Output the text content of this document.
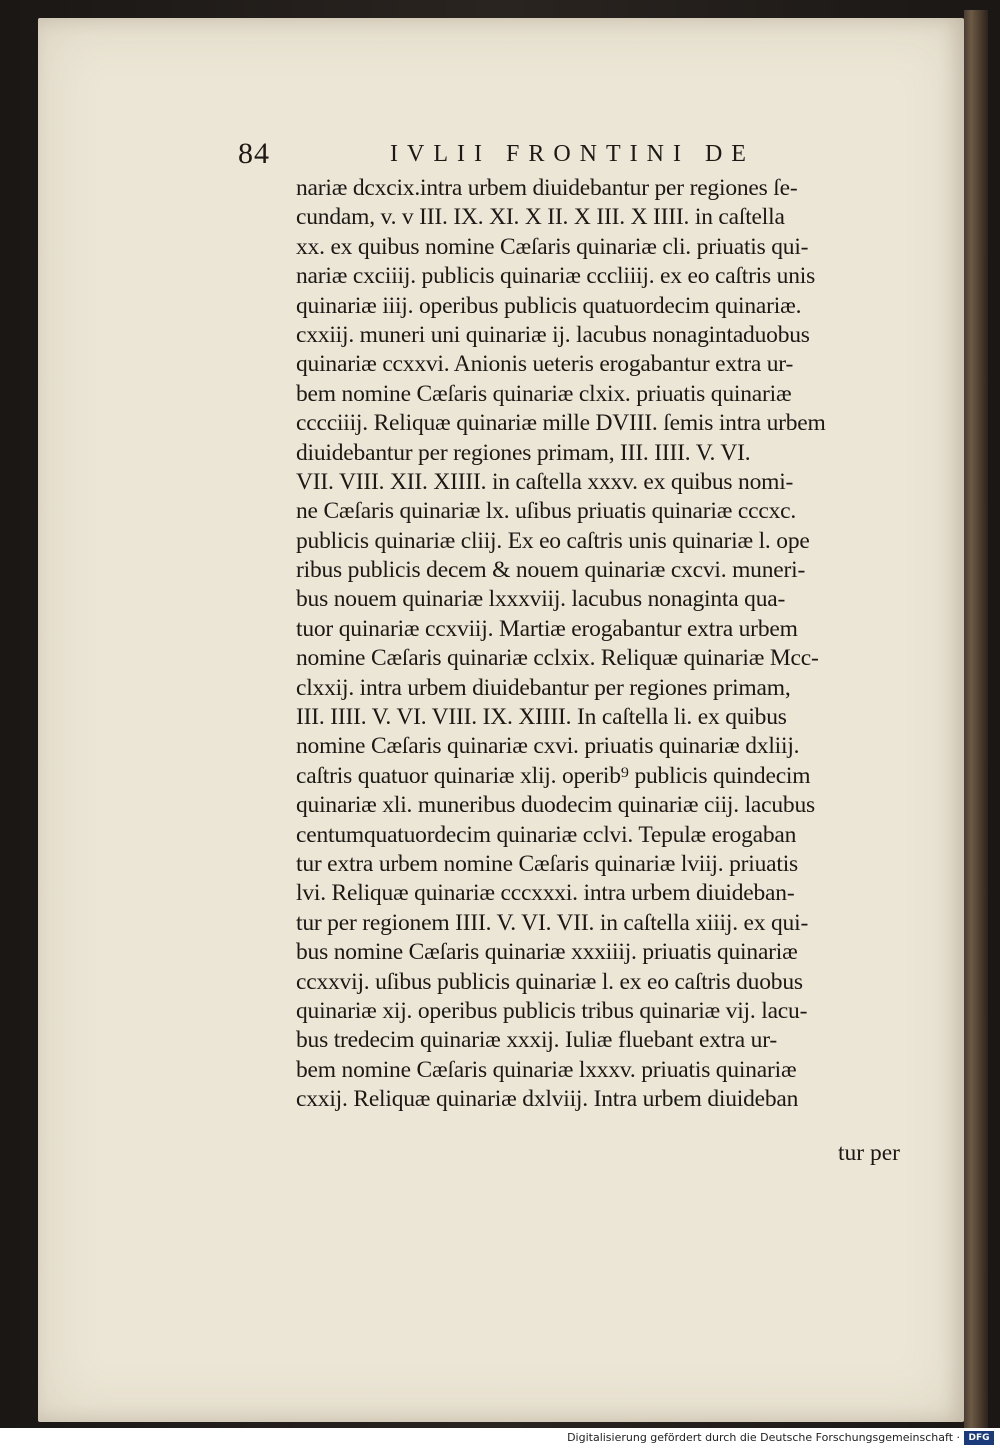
84	IVLII FRONTINI DE
nariæ dcxcix.intra urbem diuidebantur per regiones ſe-
cundam, v. v III. IX. XI. X II. X III. X IIII. in caſtella
xx. ex quibus nomine Cæſaris quinariæ cli. priuatis qui-
nariæ cxciiij. publicis quinariæ cccliiij. ex eo caſtris unis
quinariæ iiij. operibus publicis quatuordecim quinariæ.
cxxiij. muneri uni quinariæ ij. lacubus nonagintaduobus
quinariæ ccxxvi. Anionis ueteris erogabantur extra ur-
bem nomine Cæſaris quinariæ clxix. priuatis quinariæ
cccciiij. Reliquæ quinariæ mille DVIII. ſemis intra urbem
diuidebantur per regiones primam, III. IIII. V. VI.
VII. VIII. XII. XIIII. in caſtella xxxv. ex quibus nomi-
ne Cæſaris quinariæ lx. uſibus priuatis quinariæ cccxc.
publicis quinariæ cliij. Ex eo caſtris unis quinariæ l. ope
ribus publicis decem & nouem quinariæ cxcvi. muneri-
bus nouem quinariæ lxxxviij. lacubus nonaginta qua-
tuor quinariæ ccxviij. Martiæ erogabantur extra urbem
nomine Cæſaris quinariæ cclxix. Reliquæ quinariæ Mcc-
clxxij. intra urbem diuidebantur per regiones primam,
III. IIII. V. VI. VIII. IX. XIIII. In caſtella li. ex quibus
nomine Cæſaris quinariæ cxvi. priuatis quinariæ dxliij.
caſtris quatuor quinariæ xlij. operib⁹ publicis quindecim
quinariæ xli. muneribus duodecim quinariæ ciij. lacubus
centumquatuordecim quinariæ cclvi. Tepulæ erogaban
tur extra urbem nomine Cæſaris quinariæ lviij. priuatis
lvi. Reliquæ quinariæ cccxxxi. intra urbem diuideban-
tur per regionem IIII. V. VI. VII. in caſtella xiiij. ex qui-
bus nomine Cæſaris quinariæ xxxiiij. priuatis quinariæ
ccxxvij. uſibus publicis quinariæ l. ex eo caſtris duobus
quinariæ xij. operibus publicis tribus quinariæ vij. lacu-
bus tredecim quinariæ xxxij. Iuliæ fluebant extra ur-
bem nomine Cæſaris quinariæ lxxxv. priuatis quinariæ
cxxij. Reliquæ quinariæ dxlviij. Intra urbem diuideban
tur per
Digitalisierung gefördert durch die Deutsche Forschungsgemeinschaft · DFG
